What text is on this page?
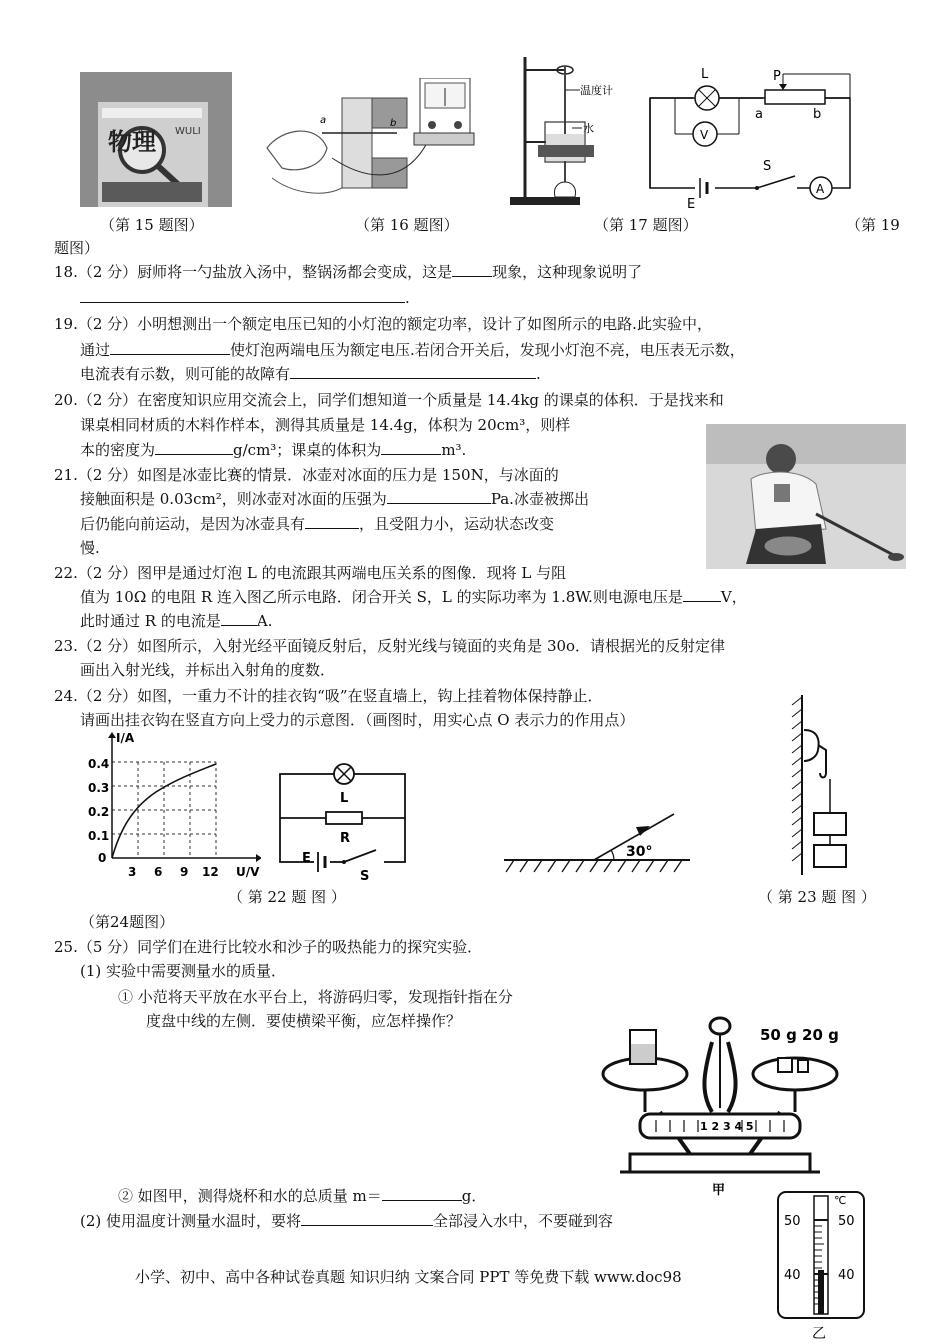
物理 WULI
（第 15 题图）
a	b
（第 16 题图）
温度计
水
（第 17 题图）
L
V
P
a	b
S
E
A
（第 19
题图）
18.（2 分）厨师将一勺盐放入汤中，整锅汤都会变成，这是	现象，这种现象说明了
.
19.（2 分）小明想测出一个额定电压已知的小灯泡的额定功率，设计了如图所示的电路.此实验中，
通过	使灯泡两端电压为额定电压.若闭合开关后，发现小灯泡不亮，电压表无示数，
电流表有示数，则可能的故障有	.
20.（2 分）在密度知识应用交流会上，同学们想知道一个质量是 14.4kg 的课桌的体积．于是找来和
课桌相同材质的木料作样本，测得其质量是 14.4g，体积为 20cm³，则样
本的密度为	g/cm³；课桌的体积为	m³.
21.（2 分）如图是冰壶比赛的情景．冰壶对冰面的压力是 150N，与冰面的
接触面积是 0.03cm²，则冰壶对冰面的压强为	Pa.冰壶被掷出
后仍能向前运动，是因为冰壶具有	，且受阻力小，运动状态改变
慢.
22.（2 分）图甲是通过灯泡 L 的电流跟其两端电压关系的图像．现将 L 与阻
值为 10Ω 的电阻 R 连入图乙所示电路．闭合开关 S，L 的实际功率为 1.8W.则电源电压是	V，
此时通过 R 的电流是 A.
23.（2 分）如图所示，入射光经平面镜反射后，反射光线与镜面的夹角是 30o．请根据光的反射定律
画出入射光线，并标出入射角的度数．
24.（2 分）如图，一重力不计的挂衣钩“吸”在竖直墙上，钩上挂着物体保持静止．
请画出挂衣钩在竖直方向上受力的示意图．（画图时，用实心点 O 表示力的作用点）
I/A
U/V
0.4
0.3
0.2
0.1
0
3 6 9 12
L
R
E
S
30°
（ 第 22 题 图 ）	（ 第 23 题 图 ）
（第24题图）
25.（5 分）同学们在进行比较水和沙子的吸热能力的探究实验．
(1) 实验中需要测量水的质量．
① 小范将天平放在水平台上，将游码归零，发现指针指在分
度盘中线的左侧．要使横梁平衡，应怎样操作？
1 2 3 4 5
50 g 20 g
甲
② 如图甲，测得烧杯和水的总质量 m＝	g．
(2) 使用温度计测量水温时，要将	全部浸入水中，不要碰到容
℃
50	50
40	40
乙
小学、初中、高中各种试卷真题 知识归纳 文案合同 PPT 等免费下载 www.doc98
